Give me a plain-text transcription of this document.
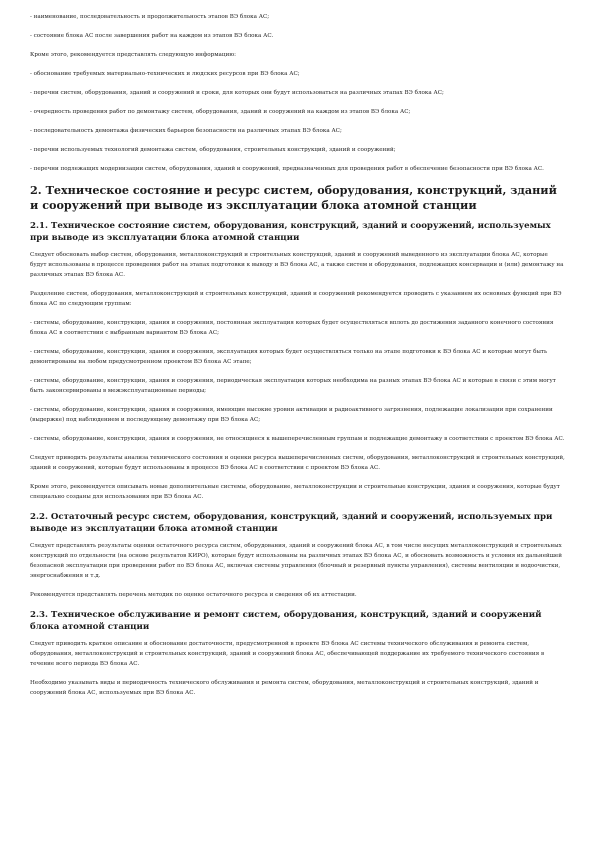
- наименование, последовательность и продолжительность этапов ВЭ блока АС;

- состояние блока АС после завершения работ на каждом из этапов ВЭ блока АС.

Кроме этого, рекомендуется представлять следующую информацию:

- обоснование требуемых материально-технических и людских ресурсов при ВЭ блока АС;

- перечни систем, оборудования, зданий и сооружений и сроки, для которых они будут использоваться на различных этапах ВЭ блока АС;

- очередность проведения работ по демонтажу систем, оборудования, зданий и сооружений на каждом из этапов ВЭ блока АС;

- последовательность демонтажа физических барьеров безопасности на различных этапах ВЭ блока АС;

- перечни используемых технологий демонтажа систем, оборудования, строительных конструкций, зданий и сооружений;

- перечни подлежащих модернизации систем, оборудования, зданий и сооружений, предназначенных для проведения работ в обеспечение безопасности при ВЭ блока АС.

2. Техническое состояние и ресурс систем, оборудования, конструкций, зданий и сооружений при выводе из эксплуатации блока атомной станции
2.1. Техническое состояние систем, оборудования, конструкций, зданий и сооружений, используемых при выводе из эксплуатации блока атомной станции

Следует обосновать выбор систем, оборудования, металлоконструкций и строительных конструкций, зданий и сооружений выведенного из эксплуатации блока АС, которые будут использованы в процессе проведения работ на этапах подготовки к выводу и ВЭ блока АС, а также систем и оборудования, подлежащих консервации и (или) демонтажу на различных этапах ВЭ блока АС.

Разделение систем, оборудования, металлоконструкций и строительных конструкций, зданий и сооружений рекомендуется проводить с указанием их основных функций при ВЭ блока АС по следующим группам:

- системы, оборудование, конструкции, здания и сооружения, постоянная эксплуатация которых будет осуществляться вплоть до достижения заданного конечного состояния блока АС в соответствии с выбранным вариантом ВЭ блока АС;

- системы, оборудование, конструкции, здания и сооружения, эксплуатация которых будет осуществляться только на этапе подготовки к ВЭ блока АС и которые могут быть демонтированы на любом предусмотренном проектом ВЭ блока АС этапе;

- системы, оборудование, конструкции, здания и сооружения, периодическая эксплуатация которых необходима на разных этапах ВЭ блока АС и которые в связи с этим могут быть законсервированы в межэксплуатационные периоды;

- системы, оборудование, конструкции, здания и сооружения, имеющие высокие уровни активации и радиоактивного загрязнения, подлежащие локализации при сохранении (выдержке) под наблюдением и последующему демонтажу при ВЭ блока АС;

- системы, оборудование, конструкции, здания и сооружения, не относящиеся к вышеперечисленным группам и подлежащие демонтажу в соответствии с проектом ВЭ блока АС.

Следует приводить результаты анализа технического состояния и оценки ресурса вышеперечисленных систем, оборудования, металлоконструкций и строительных конструкций, зданий и сооружений, которые будут использованы в процессе ВЭ блока АС в соответствии с проектом ВЭ блока АС.

Кроме этого, рекомендуется описывать новые дополнительные системы, оборудование, металлоконструкции и строительные конструкции, здания и сооружения, которые будут специально созданы для использования при ВЭ блока АС.

2.2. Остаточный ресурс систем, оборудования, конструкций, зданий и сооружений, используемых при выводе из эксплуатации блока атомной станции

Следует представлять результаты оценки остаточного ресурса систем, оборудования, зданий и сооружений блока АС, в том числе несущих металлоконструкций и строительных конструкций по отдельности (на основе результатов КИРО), которые будут использованы на различных этапах ВЭ блока АС, и обосновать возможность и условия их дальнейшей безопасной эксплуатации при проведении работ по ВЭ блока АС, включая системы управления (блочный и резервный пункты управления), системы вентиляции и водоочистки, энергоснабжения и т.д.

Рекомендуется представлять перечень методик по оценке остаточного ресурса и сведения об их аттестации.

2.3. Техническое обслуживание и ремонт систем, оборудования, конструкций, зданий и сооружений блока атомной станции

Следует приводить краткое описание и обоснование достаточности, предусмотренной в проекте ВЭ блока АС системы технического обслуживания и ремонта систем, оборудования, металлоконструкций и строительных конструкций, зданий и сооружений блока АС, обеспечивающей поддержание их требуемого технического состояния в течение всего периода ВЭ блока АС.

Необходимо указывать виды и периодичность технического обслуживания и ремонта систем, оборудования, металлоконструкций и строительных конструкций, зданий и сооружений блока АС, используемых при ВЭ блока АС.
